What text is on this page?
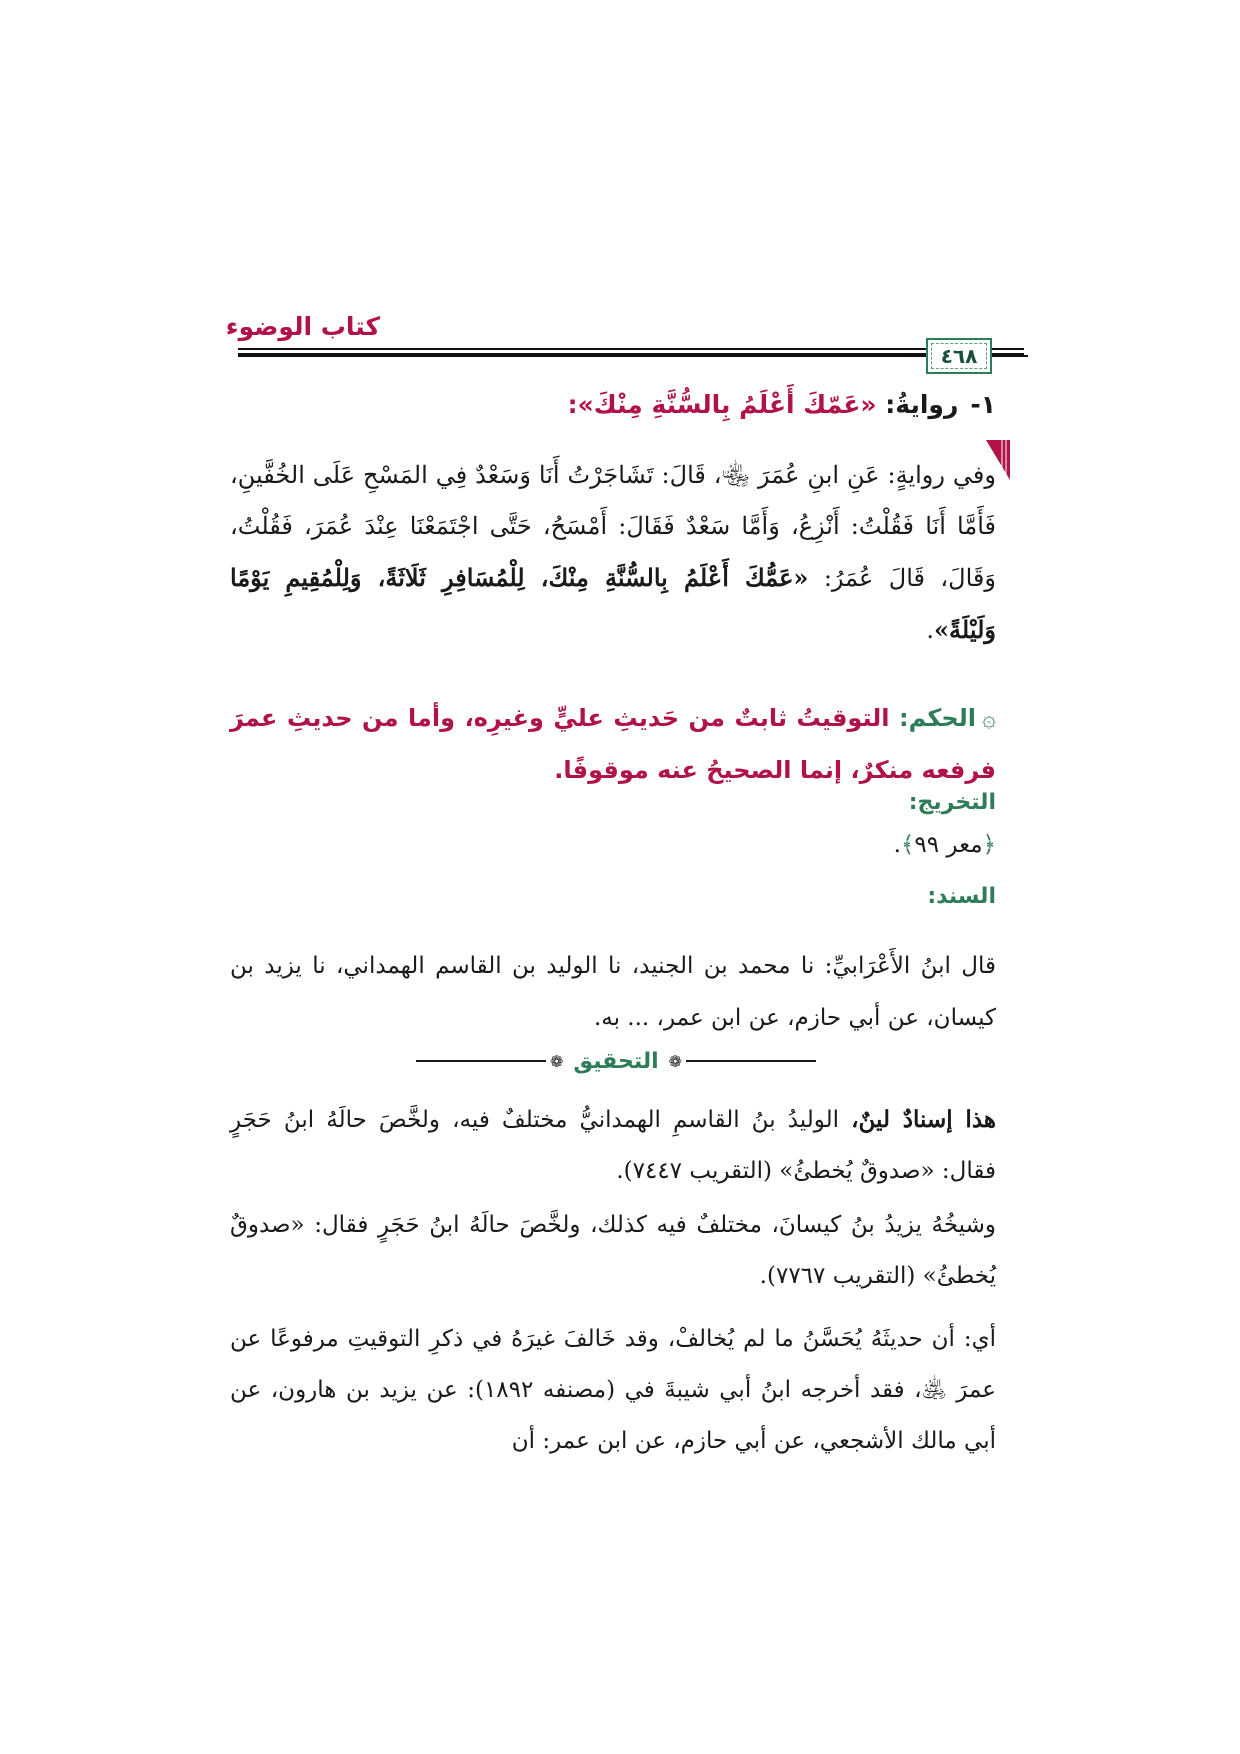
كتاب الوضوء
٤٦٨
١-روايةُ: «عَمّكَ أَعْلَمُ بِالسُّنَّةِ مِنْكَ»:
وفي روايةٍ: عَنِ ابنِ عُمَرَ ﵄، قَالَ: تَشَاجَرْتُ أَنَا وَسَعْدٌ فِي المَسْحِ عَلَى الخُفَّينِ، فَأَمَّا أَنَا فَقُلْتُ: أَنْزِعُ، وَأَمَّا سَعْدٌ فَقَالَ: أَمْسَحُ، حَتَّى اجْتَمَعْنَا عِنْدَ عُمَرَ، فَقُلْتُ، وَقَالَ، قَالَ عُمَرُ: «عَمُّكَ أَعْلَمُ بِالسُّنَّةِ مِنْكَ، لِلْمُسَافِرِ ثَلَاثَةً، وَلِلْمُقِيمِ يَوْمًا وَلَيْلَةً».
۞الحكم: التوقيتُ ثابتٌ من حَديثِ عليٍّ وغيرِه، وأما من حديثِ عمرَ فرفعه منكرٌ، إنما الصحيحُ عنه موقوفًا.
التخريج:
﴿معر ٩٩﴾.
السند:
قال ابنُ الأَعْرَابيِّ: نا محمد بن الجنيد، نا الوليد بن القاسم الهمداني، نا يزيد بن كيسان، عن أبي حازم، عن ابن عمر، ... به.
❁ التحقيق ❁
هذا إسنادٌ لينٌ، الوليدُ بنُ القاسمِ الهمدانيُّ مختلفٌ فيه، ولخَّصَ حالَهُ ابنُ حَجَرٍ فقال: «صدوقٌ يُخطئُ» (التقريب ٧٤٤٧).
وشيخُهُ يزيدُ بنُ كيسانَ، مختلفٌ فيه كذلك، ولخَّصَ حالَهُ ابنُ حَجَرٍ فقال: «صدوقٌ يُخطئُ» (التقريب ٧٧٦٧).
أي: أن حديثَهُ يُحَسَّنُ ما لم يُخالفْ، وقد خَالفَ غيرَهُ في ذكرِ التوقيتِ مرفوعًا عن عمرَ ﵁، فقد أخرجه ابنُ أبي شيبةَ في (مصنفه ١٨٩٢): عن يزيد بن هارون، عن أبي مالك الأشجعي، عن أبي حازم، عن ابن عمر: أن
